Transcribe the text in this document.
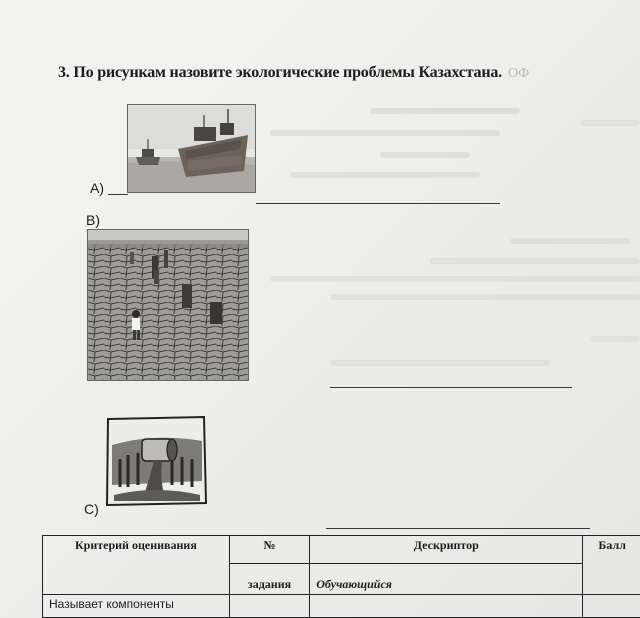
3. По рисункам назовите экологические проблемы Казахстана. ОФ
А)
В)
С)
Критерий оценивания	№	Дескриптор	Балл
	задания	Обучающийся	
Называет компоненты			
